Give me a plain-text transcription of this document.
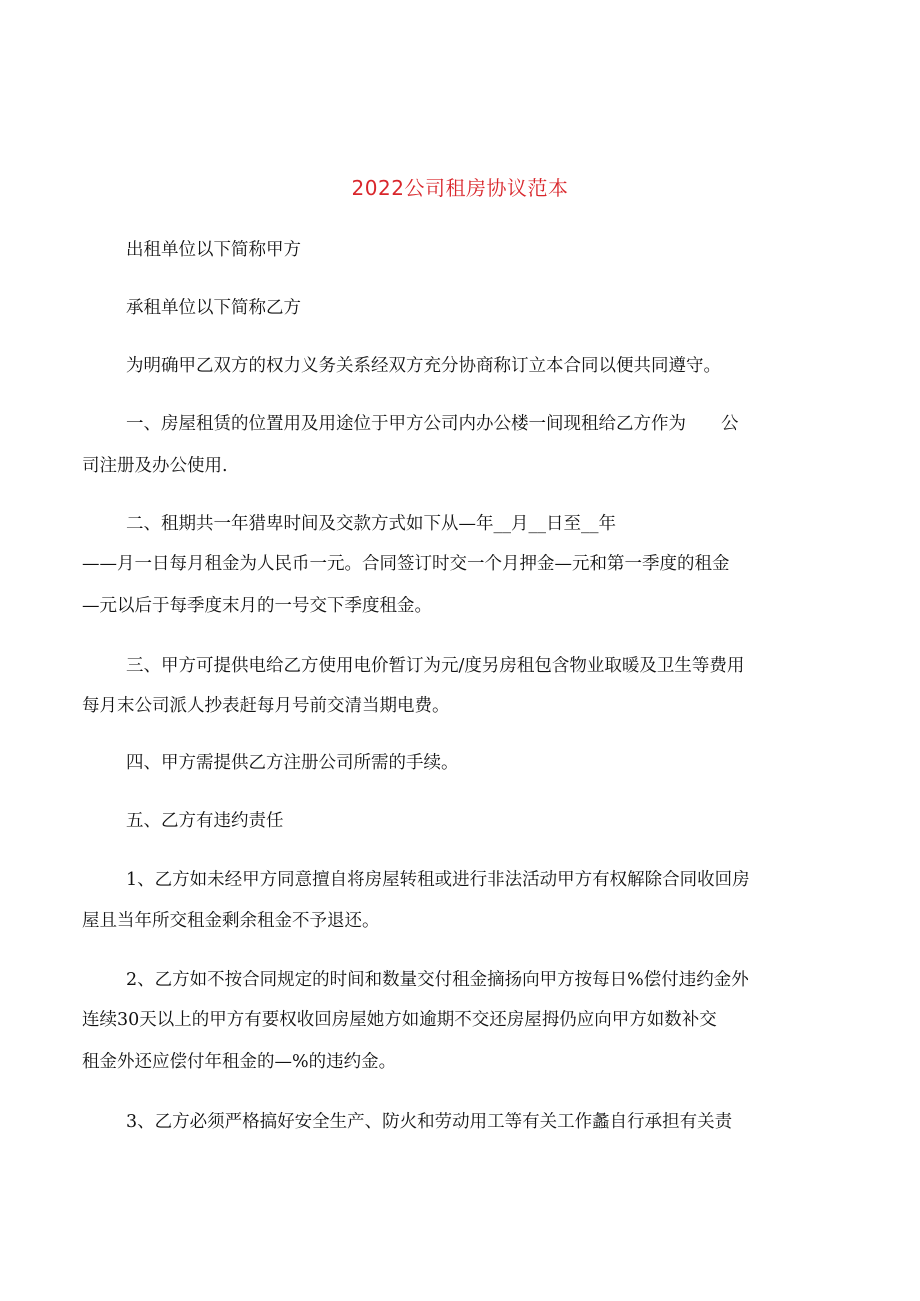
2022公司租房协议范本
出租单位以下简称甲方
承租单位以下简称乙方
为明确甲乙双方的权力义务关系经双方充分协商称订立本合同以便共同遵守。
一、房屋租赁的位置用及用途位于甲方公司内办公楼一间现租给乙方作为　　公
司注册及办公使用.
二、租期共一年猎卑时间及交款方式如下从—年__月__日至__年
——月一日每月租金为人民币一元。合同签订时交一个月押金—元和第一季度的租金
—元以后于每季度末月的一号交下季度租金。
三、甲方可提供电给乙方使用电价暂订为元/度另房租包含物业取暖及卫生等费用
每月末公司派人抄表赶每月号前交清当期电费。
四、甲方需提供乙方注册公司所需的手续。
五、乙方有违约责任
1、乙方如未经甲方同意擅自将房屋转租或进行非法活动甲方有权解除合同收回房
屋且当年所交租金剩余租金不予退还。
2、乙方如不按合同规定的时间和数量交付租金摘扬向甲方按每日%偿付违约金外
连续30天以上的甲方有要权收回房屋她方如逾期不交还房屋拇仍应向甲方如数补交
租金外还应偿付年租金的—%的违约金。
3、乙方必须严格搞好安全生产、防火和劳动用工等有关工作蠡自行承担有关责
